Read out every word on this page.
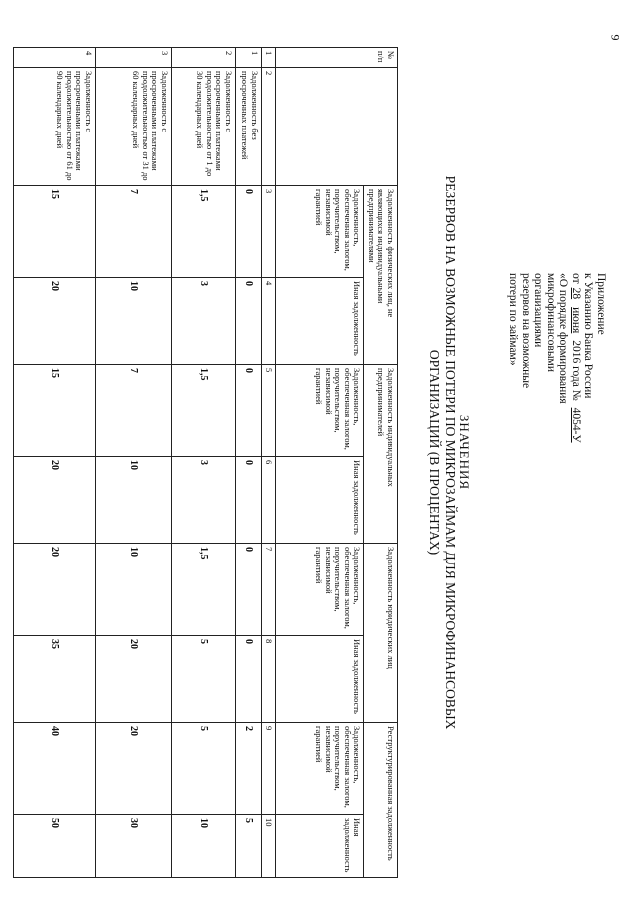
9
Приложение
к Указанию Банка России
от28июня 2016 года № 4054-У
«О порядке формирования микрофинансовыми
организациями
резервов на возможные
потери по займам»
ЗНАЧЕНИЯ
РЕЗЕРВОВ НА ВОЗМОЖНЫЕ ПОТЕРИ ПО МИКРОЗАЙМАМ ДЛЯ МИКРОФИНАНСОВЫХ
ОРГАНИЗАЦИЙ (В ПРОЦЕНТАХ)
№ п/п		Задолженность физических лиц, не являющихся индивидуальными предпринимателями		Задолженность индивидуальных предпринимателей		Задолженность юридических лиц		Реструктурированная задолженность	
		Задолженность, обеспеченная залогом, поручительством, независимой гарантией	Иная задолженность	Задолженность, обеспеченная залогом, поручительством, независимой гарантией	Иная задолженность	Задолженность, обеспеченная залогом, поручительством, независимой гарантией	Иная задолженность	Задолженность, обеспеченная залогом, поручительством, независимой гарантией	Иная задолженность
1	2	3	4	5	6	7	8	9	10
1	Задолженность без просроченных платежей	0	0	0	0	0	0	2	5
2	Задолженность с просроченными платежами продолжительностью от 1 до 30 календарных дней	1,5	3	1,5	3	1,5	5	5	10
3	Задолженность с просроченными платежами продолжительностью от 31 до 60 календарных дней	7	10	7	10	10	20	20	30
4	Задолженность с просроченными платежами продолжительностью от 61 до 90 календарных дней	15	20	15	20	20	35	40	50
